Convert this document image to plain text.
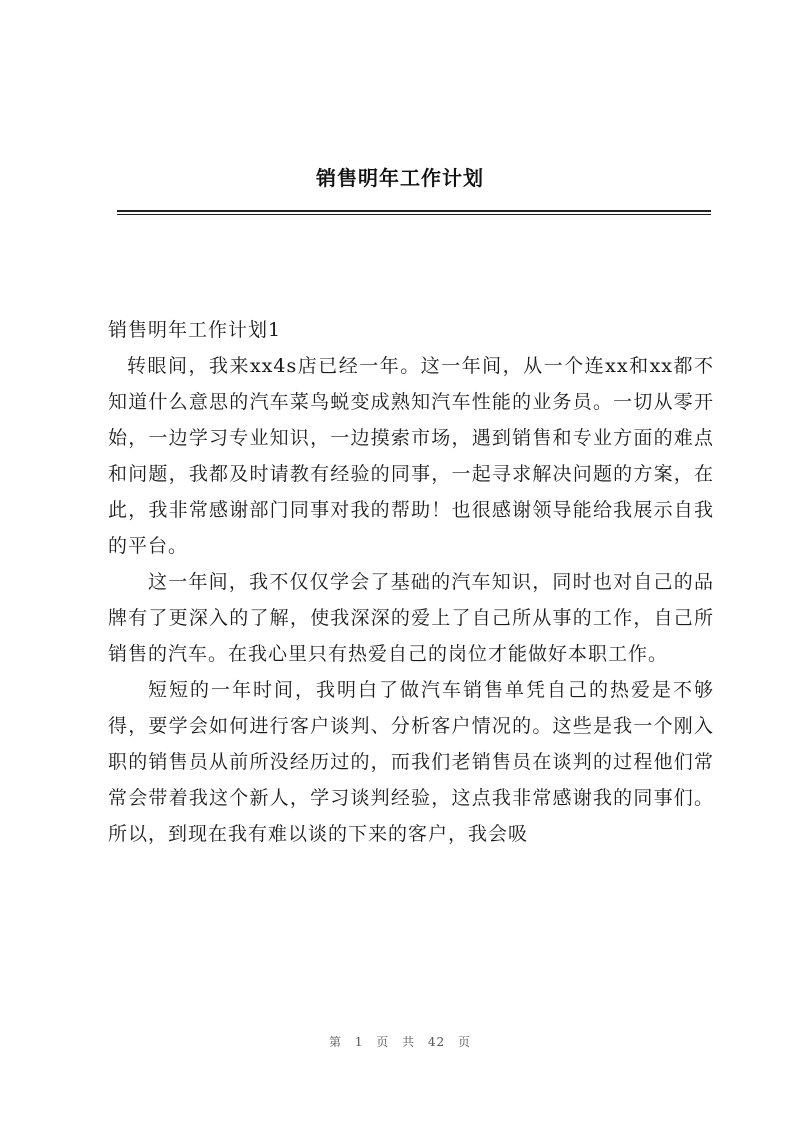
销售明年工作计划

销售明年工作计划1

转眼间，我来xx4s店已经一年。这一年间，从一个连xx和xx都不知道什么意思的汽车菜鸟蜕变成熟知汽车性能的业务员。一切从零开始，一边学习专业知识，一边摸索市场，遇到销售和专业方面的难点和问题，我都及时请教有经验的同事，一起寻求解决问题的方案，在此，我非常感谢部门同事对我的帮助！也很感谢领导能给我展示自我的平台。

这一年间，我不仅仅学会了基础的汽车知识，同时也对自己的品牌有了更深入的了解，使我深深的爱上了自己所从事的工作，自己所销售的汽车。在我心里只有热爱自己的岗位才能做好本职工作。

短短的一年时间，我明白了做汽车销售单凭自己的热爱是不够得，要学会如何进行客户谈判、分析客户情况的。这些是我一个刚入职的销售员从前所没经历过的，而我们老销售员在谈判的过程他们常常会带着我这个新人，学习谈判经验，这点我非常感谢我的同事们。所以，到现在我有难以谈的下来的客户，我会吸

第 1 页 共 42 页
